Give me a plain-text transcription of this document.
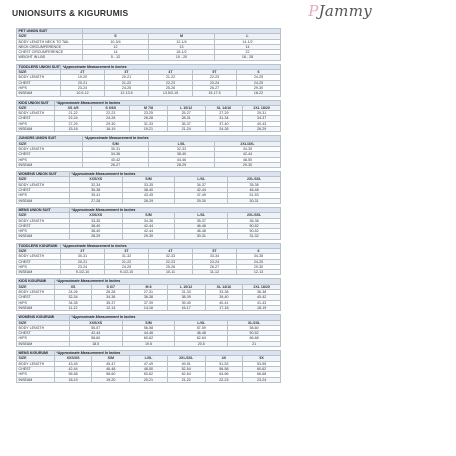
UNIONSUITS & KIGURUMIS	PJammy
PET UNION SUIT			
SIZE	S	M	L
BODY LENGTH NECK TO TAIL	10-3/4	12-1/4	14-1/2
NECK CIRCUMFERENCE	12	13	14
CHEST CIRCUMFERENCE	14	18-1/2	22
WEIGHT IN LBS	5 - 12	10 - 20	18 - 28
TODDLERS UNION SUIT	*Approximate Measurement In Inches				
SIZE	2T	3T	4T	5T	6
BODY LENGTH	19-20	20-21	21-22	22-23	24-25
CHEST	20-21	21-22	22-23	23-24	24-25
HIPS	23-24	24-25	25-26	26-27	29-30
INSEAM	10.5-12	12-13.5	13.5/3-15	15-17.5	18-22
KIDS UNION SUIT	*Approximate Measurement In Inches					
SIZE	XS 4/5	S 6/6X	M 7/8	L 10/12	XL 14/16	2XL 18/20
BODY LENGTH	21-22	22-23	23-25	25-27	27-29	29-31
CHEST	22-24	24-26	26-28	28-31	31-34	34-37
HIPS	27-29	29-30	31-33	35-37	37-40	40-43
INSEAM	15-16	16-19	19-21	21-24	24-26	26-29
JUNIORS UNION SUIT	*Approximate Measurement In Inches		
SIZE	S/M	L/XL	2XL/3XL
BODY LENGTH	30-31	32-33	34-35
CHEST	34-36	38-40	42-44
HIPS	40-42	44-46	48-50
INSEAM	26-27	28-29	29-30
WOMENS UNION SUIT	*Approximate Measurement In Inches			
SIZE	XXS/XS	S/M	L/XL	2XL/3XL
BODY LENGTH	32-34	33-35	34-37	35-38
CHEST	36-38	38-40	42-44	46-48
HIPS	39-41	43-45	47-49	51-53
INSEAM	27-28	28-29	29-30	30-31
MENS UNION SUIT	*Approximate Measurement In Inches			
SIZE	XXS/XS	S/M	L/XL	2XL/3XL
BODY LENGTH	33-35	34-36	35-37	36-38
CHEST	38-40	42-44	46-48	50-52
HIPS	38-40	42-44	46-48	50-52
INSEAM	28-29	29-30	30-31	31-32
TODDLERS KIGURUMI	*Approximate Measurement In Inches				
SIZE	2T	3T	4T	5T	6
BODY LENGTH	30-31	31-32	32-33	33-34	34-35
CHEST	20-21	21-22	22-23	23-24	24-25
HIPS	23-24	24-25	25-26	26-27	29-30
INSEAM	9-1/2-10	9-1/2-10	10-11	11-12	12-13
KIDS KIGURUMI	*Approximate Measurement In Inches					
SIZE	XS	S 6/7	M 8	L 10/12	XL 14/16	2XL 18/20
BODY LENGTH	24-26	26-28	27-31	31-33	33-36	36-38
CHEST	32-34	34-36	36-38	38-39	39-40	40-42
HIPS	34-35	35-37	37-39	39-40	40-41	41-43
INSEAM	11-12	12-14	14-16	16-17	17-18	18-19
WOMENS KIGURUMI	*Approximate Measurement In Inches			
SIZE	XXS/XS	S/M	L/XL	XL/2XL
BODY LENGTH	55-57	56-58	57-59	58-60
CHEST	42-44	44-46	46-48	50-52
HIPS	58-60	60-62	62-64	66-68
INSEAM	18.5	19.5	20.5	21
MENS KIGURUMI	*Approximate Measurement In Inches					
SIZE	XXS/XS	S/M	L/XL	2XL/3XL	4X	5X
BODY LENGTH	43-45	45-47	47-49	49-51	51-53	53-55
CHEST	42-44	46-48	48-50	52-54	56-58	60-62
HIPS	56-58	58-60	60-62	62-64	64-66	66-68
INSEAM	18-19	19-20	20-21	21-22	22-23	23-24
